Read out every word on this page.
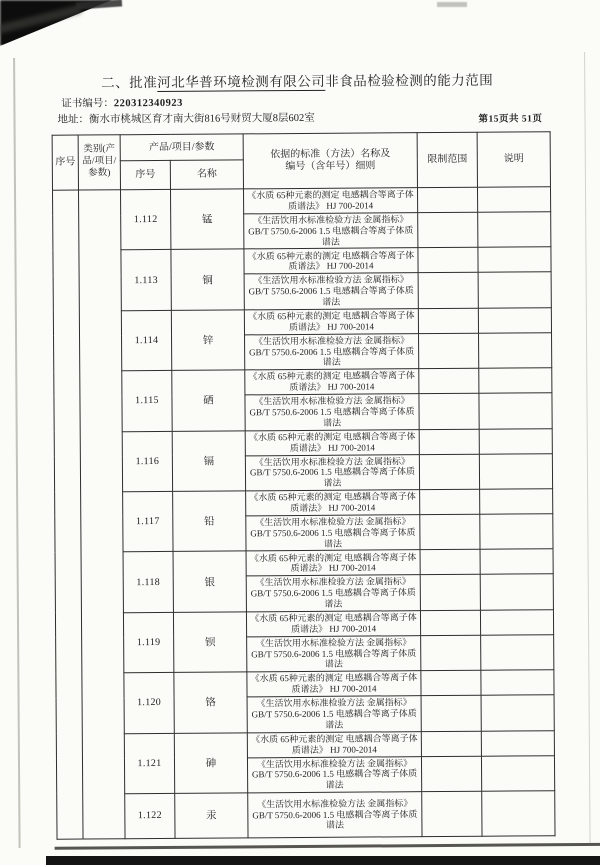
二、批准河北华普环境检测有限公司非食品检验检测的能力范围
证书编号：220312340923
地址：衡水市桃城区育才南大街816号财贸大厦8层602室	第15页共 51页
序号	类别(产品/项目/参数)	产品/项目/参数		依据的标准（方法）名称及编号（含年号）细则	限制范围	说明
		序号	名称			
		1.112	锰	《水质 65种元素的测定 电感耦合等离子体质谱法》 HJ 700-2014		
				《生活饮用水标准检验方法 金属指标》GB/T 5750.6-2006 1.5 电感耦合等离子体质谱法		
		1.113	铜	《水质 65种元素的测定 电感耦合等离子体质谱法》 HJ 700-2014		
				《生活饮用水标准检验方法 金属指标》GB/T 5750.6-2006 1.5 电感耦合等离子体质谱法		
		1.114	锌	《水质 65种元素的测定 电感耦合等离子体质谱法》 HJ 700-2014		
				《生活饮用水标准检验方法 金属指标》GB/T 5750.6-2006 1.5 电感耦合等离子体质谱法		
		1.115	硒	《水质 65种元素的测定 电感耦合等离子体质谱法》 HJ 700-2014		
				《生活饮用水标准检验方法 金属指标》GB/T 5750.6-2006 1.5 电感耦合等离子体质谱法		
		1.116	镉	《水质 65种元素的测定 电感耦合等离子体质谱法》 HJ 700-2014		
				《生活饮用水标准检验方法 金属指标》GB/T 5750.6-2006 1.5 电感耦合等离子体质谱法		
		1.117	铅	《水质 65种元素的测定 电感耦合等离子体质谱法》 HJ 700-2014		
				《生活饮用水标准检验方法 金属指标》GB/T 5750.6-2006 1.5 电感耦合等离子体质谱法		
		1.118	银	《水质 65种元素的测定 电感耦合等离子体质谱法》 HJ 700-2014		
				《生活饮用水标准检验方法 金属指标》GB/T 5750.6-2006 1.5 电感耦合等离子体质谱法		
		1.119	钡	《水质 65种元素的测定 电感耦合等离子体质谱法》 HJ 700-2014		
				《生活饮用水标准检验方法 金属指标》GB/T 5750.6-2006 1.5 电感耦合等离子体质谱法		
		1.120	铬	《水质 65种元素的测定 电感耦合等离子体质谱法》 HJ 700-2014		
				《生活饮用水标准检验方法 金属指标》GB/T 5750.6-2006 1.5 电感耦合等离子体质谱法		
		1.121	砷	《水质 65种元素的测定 电感耦合等离子体质谱法》 HJ 700-2014		
				《生活饮用水标准检验方法 金属指标》GB/T 5750.6-2006 1.5 电感耦合等离子体质谱法		
		1.122	汞	《生活饮用水标准检验方法 金属指标》GB/T 5750.6-2006 1.5 电感耦合等离子体质谱法		
